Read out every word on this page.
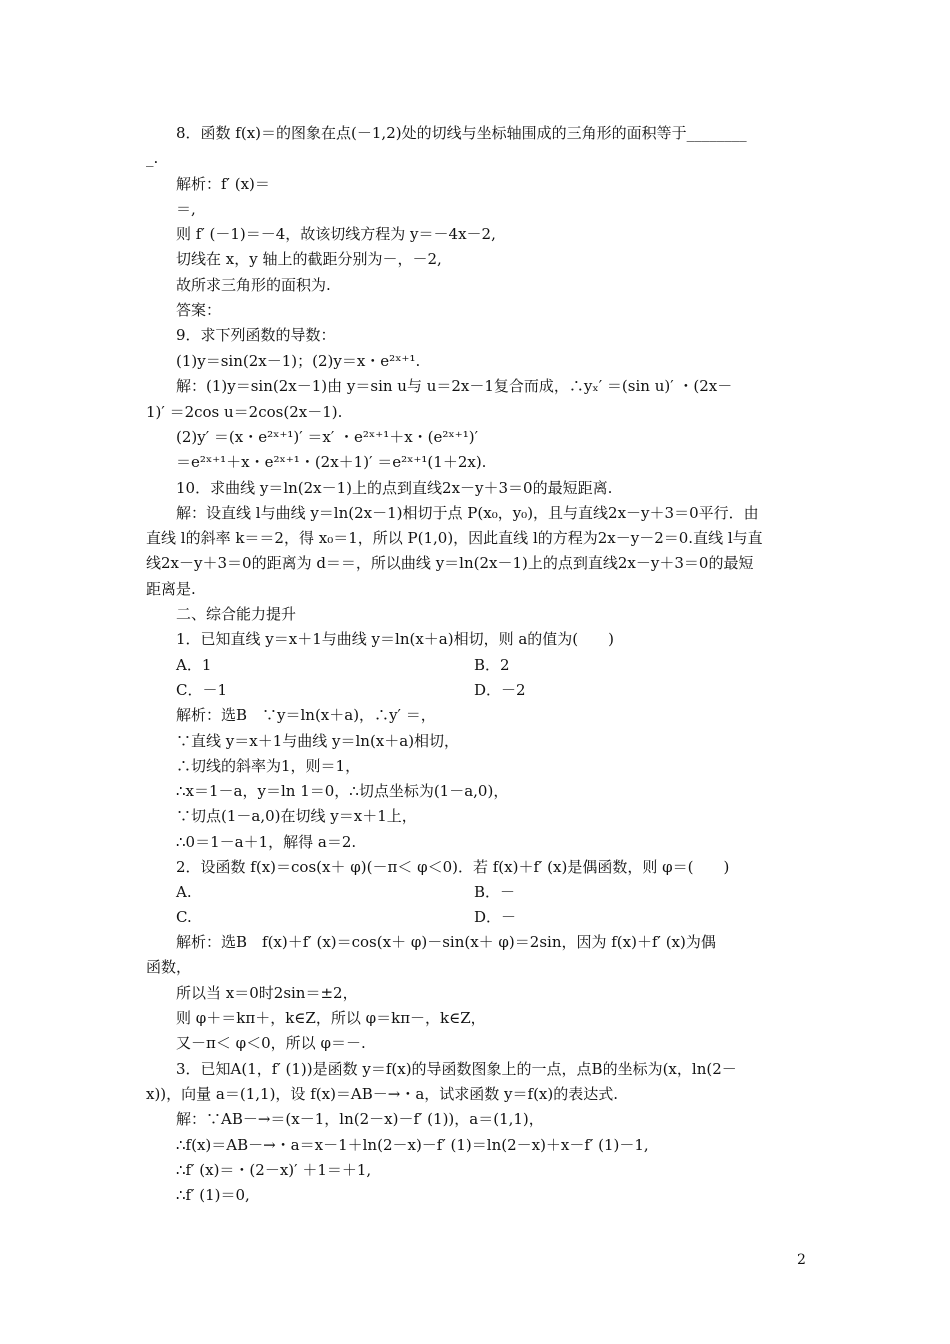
8．函数 f(x)＝的图象在点(－1,2)处的切线与坐标轴围成的三角形的面积等于________
_.
解析：f′ (x)＝
＝,
则 f′ (－1)＝－4，故该切线方程为 y＝－4x－2,
切线在 x，y 轴上的截距分别为－，－2,
故所求三角形的面积为.
答案：
9．求下列函数的导数：
(1)y＝sin(2x－1)；(2)y＝x・e²ˣ⁺¹.
解：(1)y＝sin(2x－1)由 y＝sin u与 u＝2x－1复合而成，∴yₓ′ ＝(sin u)′ ・(2x－
1)′ ＝2cos u＝2cos(2x－1).
(2)y′ ＝(x・e²ˣ⁺¹)′ ＝x′ ・e²ˣ⁺¹＋x・(e²ˣ⁺¹)′
＝e²ˣ⁺¹＋x・e²ˣ⁺¹・(2x＋1)′ ＝e²ˣ⁺¹(1＋2x).
10．求曲线 y＝ln(2x－1)上的点到直线2x－y＋3＝0的最短距离.
解：设直线 l与曲线 y＝ln(2x－1)相切于点 P(x₀，y₀)，且与直线2x－y＋3＝0平行．由
直线 l的斜率 k＝＝2，得 x₀＝1，所以 P(1,0)，因此直线 l的方程为2x－y－2＝0.直线 l与直
线2x－y＋3＝0的距离为 d＝＝，所以曲线 y＝ln(2x－1)上的点到直线2x－y＋3＝0的最短
距离是.
二、综合能力提升
1．已知直线 y＝x＋1与曲线 y＝ln(x＋a)相切，则 a的值为(　　)
A．1	B．2
C．－1	D．－2
解析：选B　∵y＝ln(x＋a)，∴y′ ＝，
∵直线 y＝x＋1与曲线 y＝ln(x＋a)相切，
∴切线的斜率为1，则＝1，
∴x＝1－a，y＝ln 1＝0，∴切点坐标为(1－a,0)，
∵切点(1－a,0)在切线 y＝x＋1上，
∴0＝1－a＋1，解得 a＝2.
2．设函数 f(x)＝cos(x＋ φ)(－π＜ φ＜0)．若 f(x)＋f′ (x)是偶函数，则 φ＝(　　)
A.	B．－
C.	D．－
解析：选B　f(x)＋f′ (x)＝cos(x＋ φ)－sin(x＋ φ)＝2sin，因为 f(x)＋f′ (x)为偶
函数，
所以当 x＝0时2sin＝±2，
则 φ＋＝kπ＋，k∈Z，所以 φ＝kπ－，k∈Z，
又－π＜ φ＜0，所以 φ＝－.
3．已知A(1，f′ (1))是函数 y＝f(x)的导函数图象上的一点，点B的坐标为(x，ln(2－
x))，向量 a＝(1,1)，设 f(x)＝AB－→・a，试求函数 y＝f(x)的表达式.
解：∵AB－→＝(x－1，ln(2－x)－f′ (1))，a＝(1,1)，
∴f(x)＝AB－→・a＝x－1＋ln(2－x)－f′ (1)＝ln(2－x)＋x－f′ (1)－1,
∴f′ (x)＝・(2－x)′ ＋1＝＋1,
∴f′ (1)＝0,
2
